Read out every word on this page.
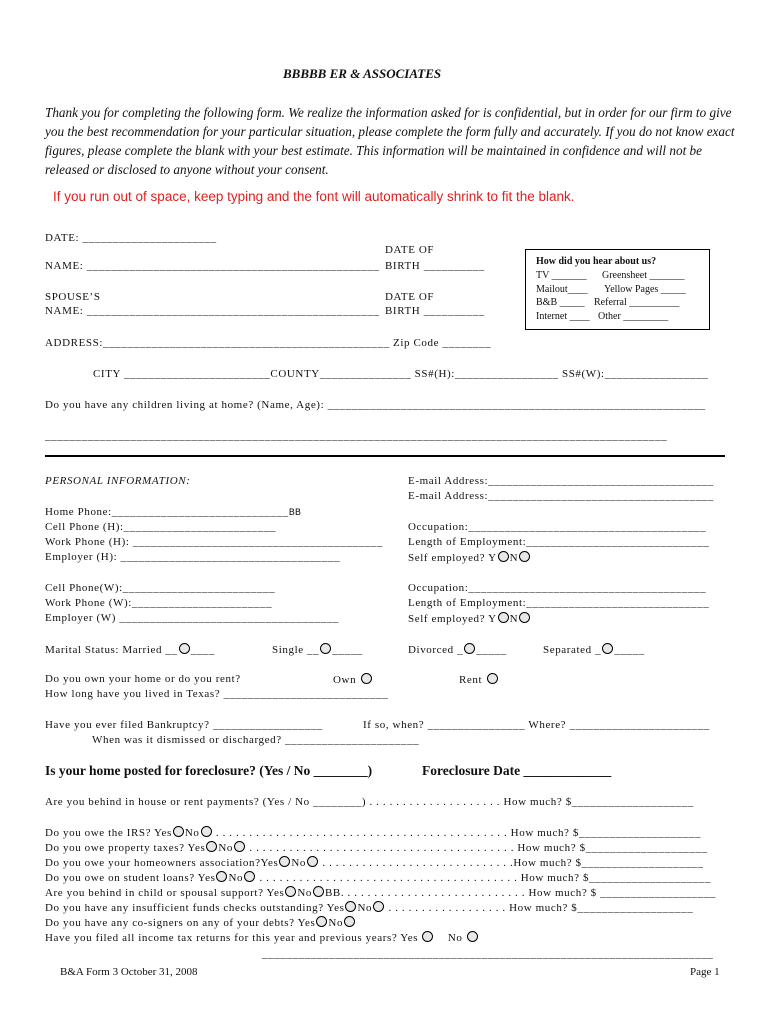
BBBBB ER & ASSOCIATES
Thank you for completing the following form. We realize the information asked for is confidential, but in order for our firm to give you the best recommendation for your particular situation, please complete the form fully and accurately. If you do not know exact figures, please complete the blank with your best estimate. This information will be maintained in confidence and will not be released or disclosed to anyone without your consent.
If you run out of space, keep typing and the font will automatically shrink to fit the blank.
DATE: ______________________
DATE OF
NAME: ________________________________________________ BIRTH __________
SPOUSE’S	DATE OF
NAME: ________________________________________________ BIRTH __________
How did you hear about us?
TV _______ Greensheet _______
Mailout____ Yellow Pages _____
B&B _____ Referral __________
Internet ____ Other _________
ADDRESS:_______________________________________________ Zip Code ________
CITY ________________________COUNTY_______________ SS#(H):_________________ SS#(W):_________________
Do you have any children living at home? (Name, Age): ______________________________________________________________
______________________________________________________________________________________________________
PERSONAL INFORMATION:	E-mail Address:_____________________________________
E-mail Address:_____________________________________
Home Phone:_____________________________BB
Cell Phone (H):_________________________
Work Phone (H): _________________________________________
Employer (H): ____________________________________
Occupation:_______________________________________
Length of Employment:______________________________
Self employed? Y N
Cell Phone(W):_________________________
Work Phone (W):_______________________
Employer (W) ____________________________________
Occupation:_______________________________________
Length of Employment:______________________________
Self employed? Y N
Marital Status: Married __ ____	Single __ _____	Divorced _ _____	Separated _ _____
Do you own your home or do you rent?	Own	Rent
How long have you lived in Texas? ___________________________
Have you ever filed Bankruptcy? __________________	If so, when? ________________ Where? _______________________
When was it dismissed or discharged? ______________________
Is your home posted for foreclosure? (Yes / No ________)	Foreclosure Date _____________
Are you behind in house or rent payments? (Yes / No ________) . . . . . . . . . . . . . . . . . . . . How much? $____________________
Do you owe the IRS? Yes No . . . . . . . . . . . . . . . . . . . . . . . . . . . . . . . . . . . . . . . . . . . . How much? $____________________
Do you owe property taxes? Yes No . . . . . . . . . . . . . . . . . . . . . . . . . . . . . . . . . . . . . . . . How much? $____________________
Do you owe your homeowners association?Yes No . . . . . . . . . . . . . . . . . . . . . . . . . . . . .How much? $____________________
Do you owe on student loans? Yes No . . . . . . . . . . . . . . . . . . . . . . . . . . . . . . . . . . . . . . . How much? $____________________
Are you behind in child or spousal support? Yes No BB. . . . . . . . . . . . . . . . . . . . . . . . . . . . How much? $ ___________________
Do you have any insufficient funds checks outstanding? Yes No . . . . . . . . . . . . . . . . . . How much? $___________________
Do you have any co-signers on any of your debts? Yes No
Have you filed all income tax returns for this year and previous years? Yes	No
__________________________________________________________________________
B&A Form 3 October 31, 2008	Page 1
